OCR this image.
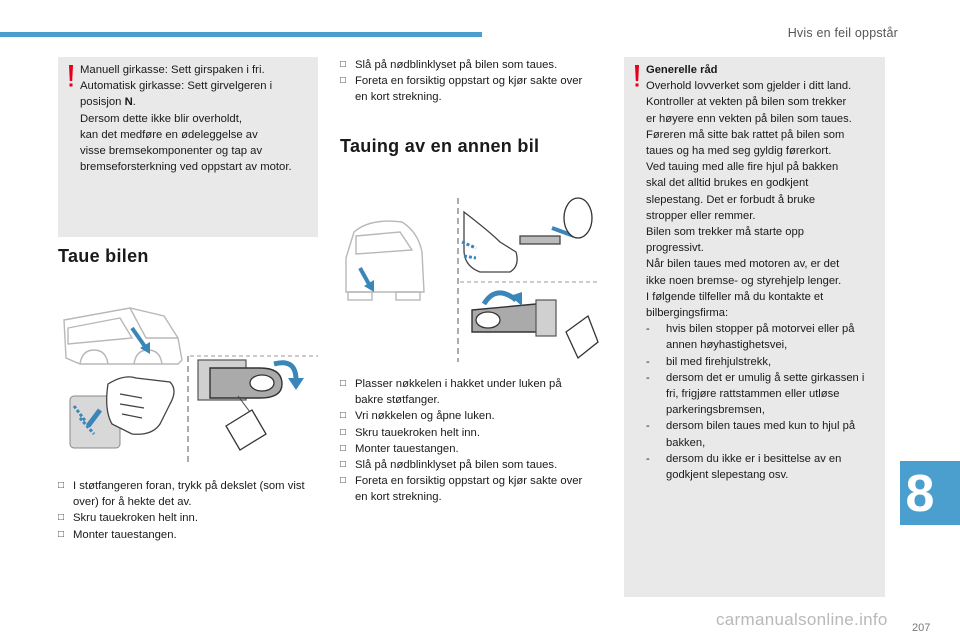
Hvis en feil oppstår
8
207
carmanualsonline.info
Manuell girkasse: Sett girspaken i fri.
Automatisk girkasse: Sett girvelgeren i
posisjon N.
Dersom dette ikke blir overholdt,
kan det medføre en ødeleggelse av
visse bremsekomponenter og tap av
bremseforsterkning ved oppstart av motor.
Taue bilen
□ I støtfangeren foran, trykk på dekslet (som vist over) for å hekte det av.
□ Skru tauekroken helt inn.
□ Monter tauestangen.
□ Slå på nødblinklyset på bilen som taues.
□ Foreta en forsiktig oppstart og kjør sakte over en kort strekning.
Tauing av en annen bil
□ Plasser nøkkelen i hakket under luken på bakre støtfanger.
□ Vri nøkkelen og åpne luken.
□ Skru tauekroken helt inn.
□ Monter tauestangen.
□ Slå på nødblinklyset på bilen som taues.
□ Foreta en forsiktig oppstart og kjør sakte over en kort strekning.
Generelle råd
Overhold lovverket som gjelder i ditt land.
Kontroller at vekten på bilen som trekker
er høyere enn vekten på bilen som taues.
Føreren må sitte bak rattet på bilen som
taues og ha med seg gyldig førerkort.
Ved tauing med alle fire hjul på bakken
skal det alltid brukes en godkjent
slepestang. Det er forbudt å bruke
stropper eller remmer.
Bilen som trekker må starte opp
progressivt.
Når bilen taues med motoren av, er det
ikke noen bremse- og styrehjelp lenger.
I følgende tilfeller må du kontakte et
bilbergingsfirma:
- hvis bilen stopper på motorvei eller på annen høyhastighetsvei,
- bil med firehjulstrekk,
- dersom det er umulig å sette girkassen i fri, frigjøre rattstammen eller utløse parkeringsbremsen,
- dersom bilen taues med kun to hjul på bakken,
- dersom du ikke er i besittelse av en godkjent slepestang osv.
